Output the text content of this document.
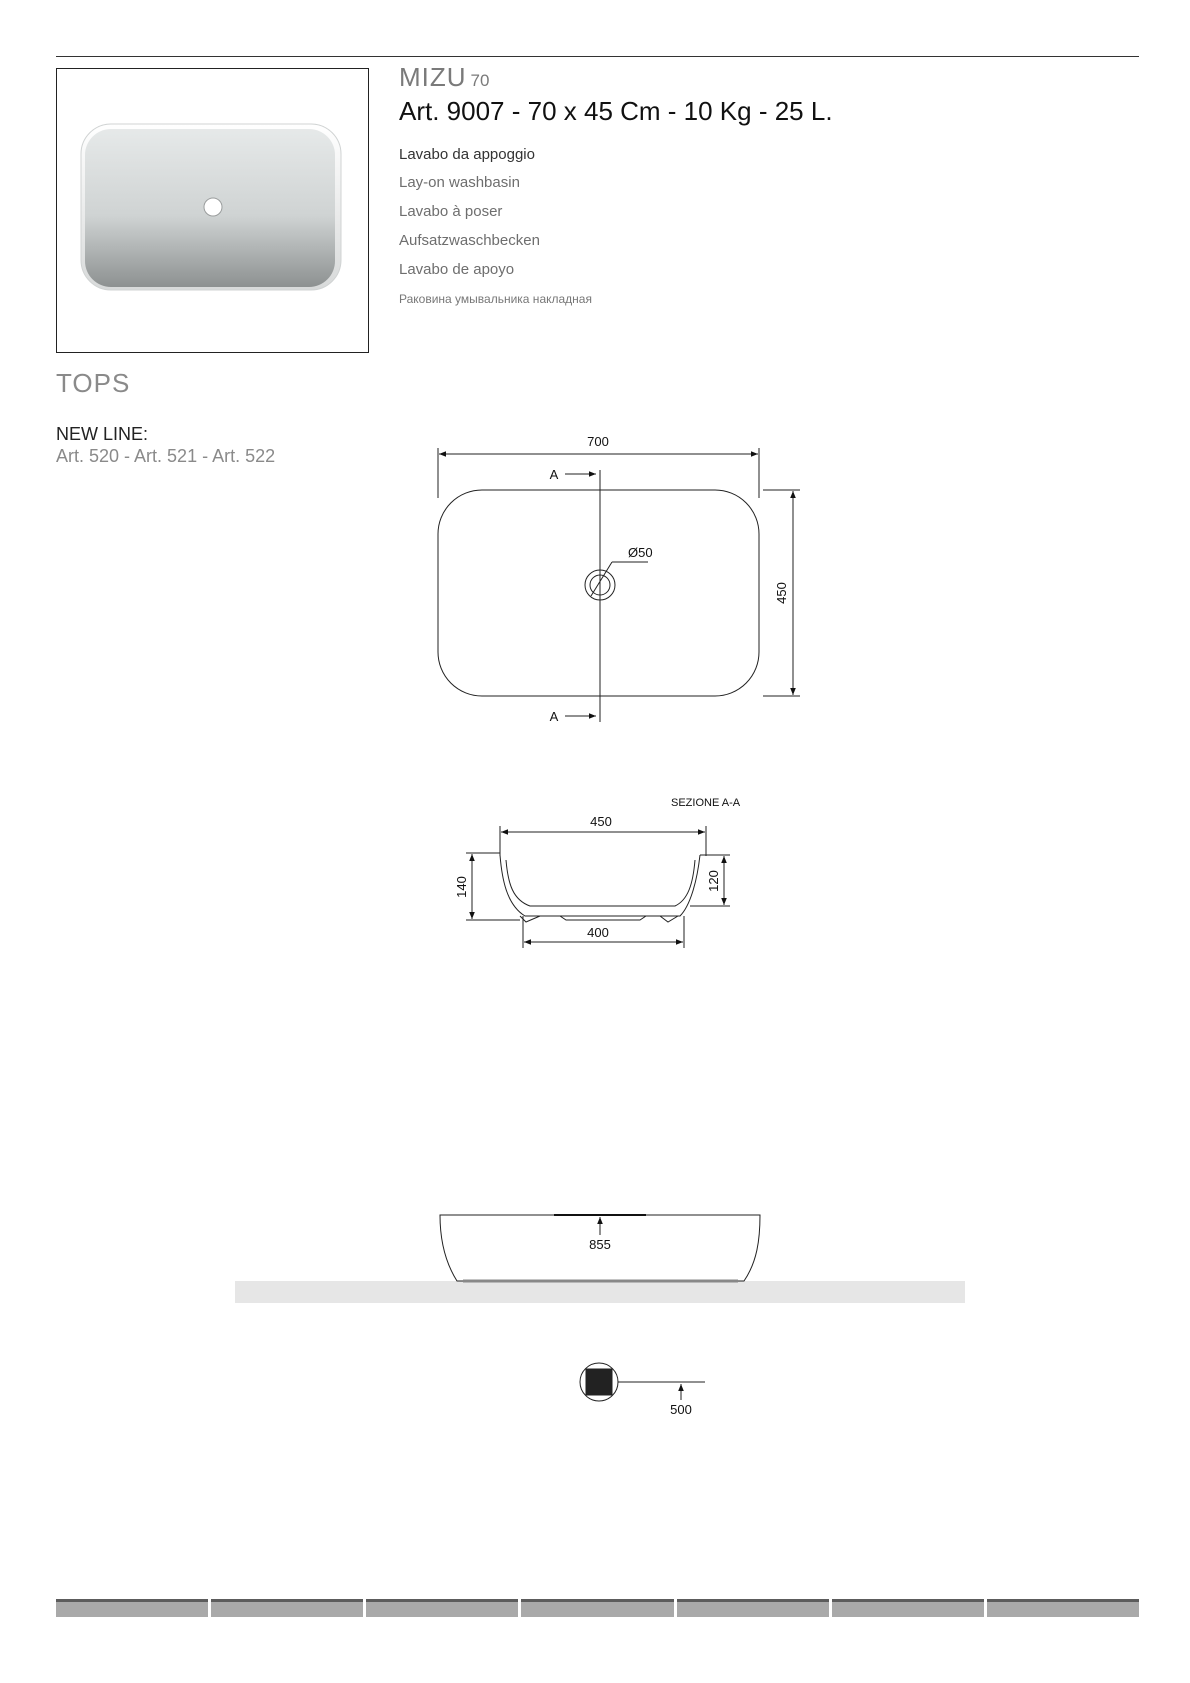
MIZU 70
Art. 9007 - 70 x 45 Cm - 10 Kg - 25 L.

Lavabo da appoggio

Lay-on washbasin

Lavabo à poser

Aufsatzwaschbecken

Lavabo de apoyo

Раковина умывальника накладная

TOPS
NEW LINE:
Art. 520 - Art. 521 - Art. 522
700
A
A
Ø50
450
SEZIONE A-A
450
400
140	120
855
500
